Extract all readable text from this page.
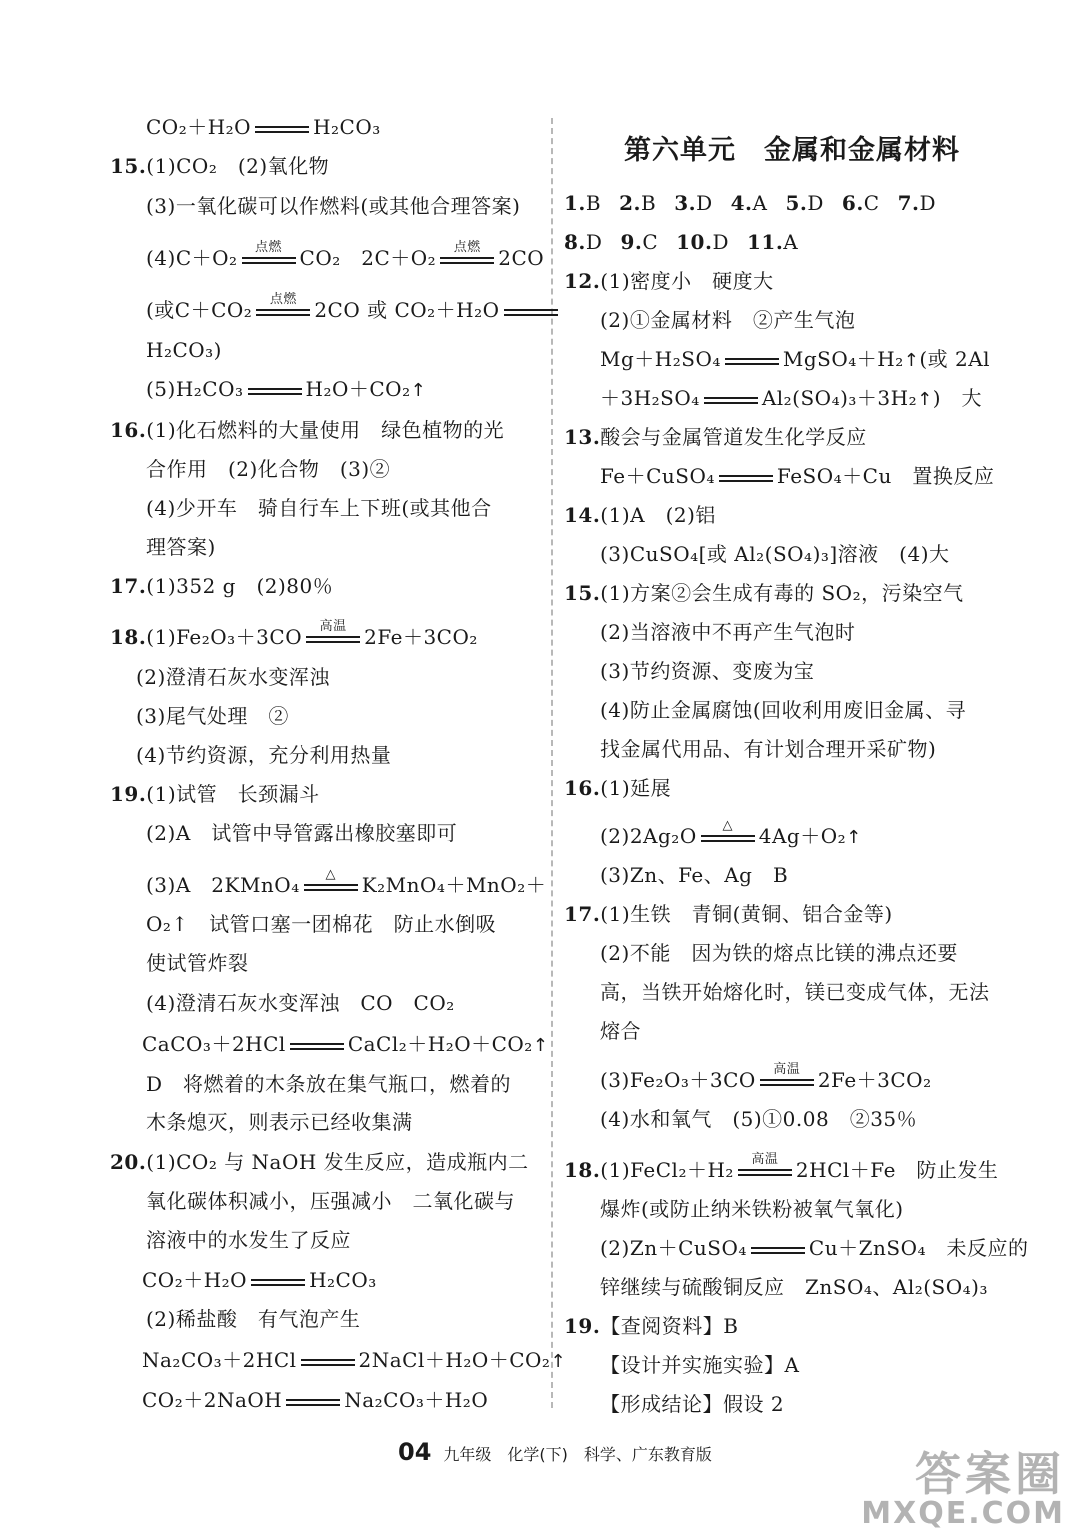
CO₂＋H₂O	H₂CO₃
15.(1)CO₂　(2)氧化物
(3)一氧化碳可以作燃料(或其他合理答案)
(4)C＋O₂	点燃 CO₂　2C＋O₂	点燃 2CO
(或C＋CO₂	点燃 2CO 或 CO₂＋H₂O
H₂CO₃)
(5)H₂CO₃	H₂O＋CO₂↑
16.(1)化石燃料的大量使用　绿色植物的光
合作用　(2)化合物　(3)②
(4)少开车　骑自行车上下班(或其他合
理答案)
17.(1)352 g　(2)80％
18.(1)Fe₂O₃＋3CO	高温 2Fe＋3CO₂
(2)澄清石灰水变浑浊
(3)尾气处理　②
(4)节约资源，充分利用热量
19.(1)试管　长颈漏斗
(2)A　试管中导管露出橡胶塞即可
(3)A　2KMnO₄	△	K₂MnO₄＋MnO₂＋
O₂↑　试管口塞一团棉花　防止水倒吸
使试管炸裂
(4)澄清石灰水变浑浊　CO　CO₂
CaCO₃＋2HCl	CaCl₂＋H₂O＋CO₂↑
D　将燃着的木条放在集气瓶口，燃着的
木条熄灭，则表示已经收集满
20.(1)CO₂ 与 NaOH 发生反应，造成瓶内二
氧化碳体积减小，压强减小　二氧化碳与
溶液中的水发生了反应
CO₂＋H₂O	H₂CO₃
(2)稀盐酸　有气泡产生
Na₂CO₃＋2HCl	2NaCl＋H₂O＋CO₂↑
CO₂＋2NaOH	Na₂CO₃＋H₂O
第六单元　金属和金属材料
1.B 2.B 3.D 4.A 5.D 6.C 7.D
8.D 9.C 10.D 11.A
12.(1)密度小　硬度大
(2)①金属材料　②产生气泡
Mg＋H₂SO₄	MgSO₄＋H₂↑(或 2Al
＋3H₂SO₄	Al₂(SO₄)₃＋3H₂↑)　大
13.酸会与金属管道发生化学反应
Fe＋CuSO₄	FeSO₄＋Cu　置换反应
14.(1)A　(2)铝
(3)CuSO₄[或 Al₂(SO₄)₃]溶液　(4)大
15.(1)方案②会生成有毒的 SO₂，污染空气
(2)当溶液中不再产生气泡时
(3)节约资源、变废为宝
(4)防止金属腐蚀(回收利用废旧金属、寻
找金属代用品、有计划合理开采矿物)
16.(1)延展
(2)2Ag₂O	△	4Ag＋O₂↑
(3)Zn、Fe、Ag　B
17.(1)生铁　青铜(黄铜、铝合金等)
(2)不能　因为铁的熔点比镁的沸点还要
高，当铁开始熔化时，镁已变成气体，无法
熔合
(3)Fe₂O₃＋3CO	高温 2Fe＋3CO₂
(4)水和氧气　(5)①0.08　②35％
18.(1)FeCl₂＋H₂	高温 2HCl＋Fe　防止发生
爆炸(或防止纳米铁粉被氧气氧化)
(2)Zn＋CuSO₄	Cu＋ZnSO₄　未反应的
锌继续与硫酸铜反应　ZnSO₄、Al₂(SO₄)₃
19.【查阅资料】B
【设计并实施实验】A
【形成结论】假设 2
04 九年级　化学(下)　科学、广东教育版	答案圈
MXQE.COM
